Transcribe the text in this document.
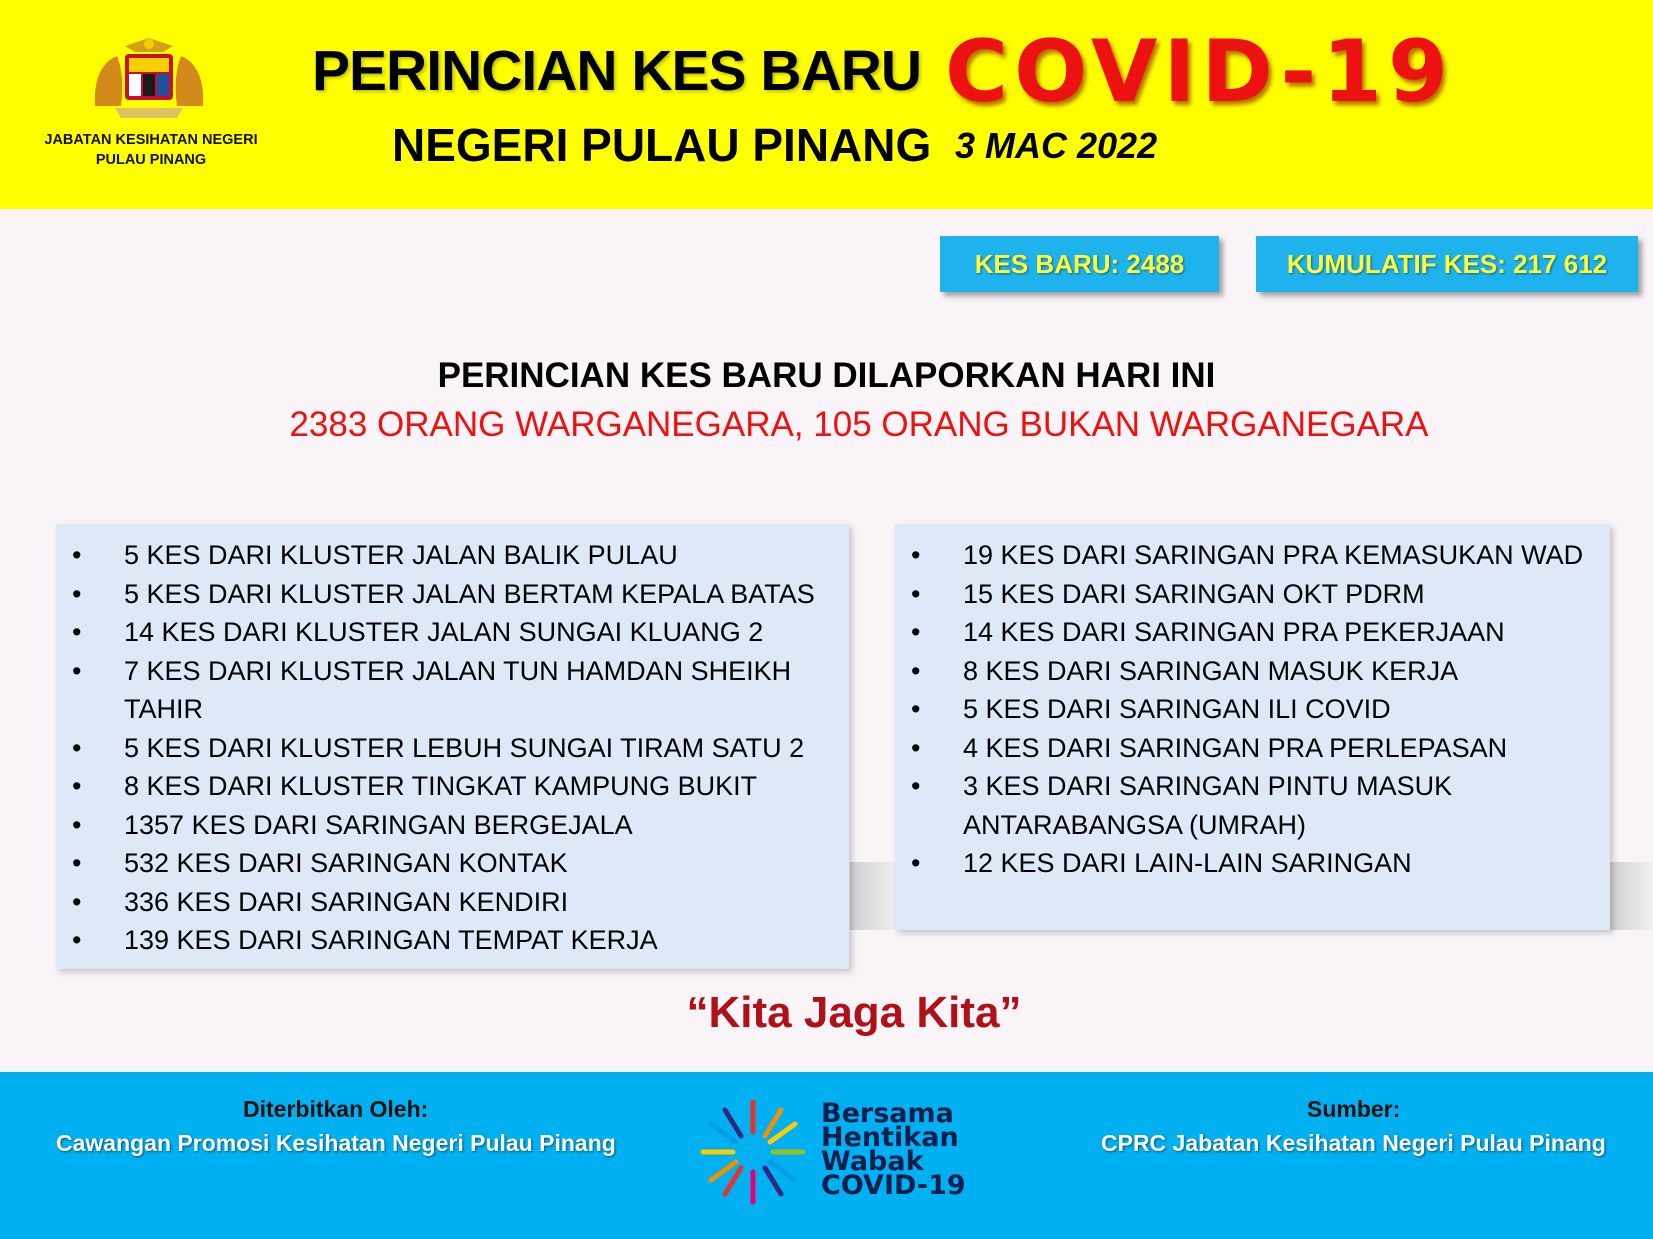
JABATAN KESIHATAN NEGERI PULAU PINANG
PERINCIAN KES BARU COVID-19
NEGERI PULAU PINANG 3 MAC 2022
KES BARU: 2488	KUMULATIF KES: 217 612
PERINCIAN KES BARU DILAPORKAN HARI INI
2383 ORANG WARGANEGARA, 105 ORANG BUKAN WARGANEGARA
• 5 KES DARI KLUSTER JALAN BALIK PULAU
• 5 KES DARI KLUSTER JALAN BERTAM KEPALA BATAS
• 14 KES DARI KLUSTER JALAN SUNGAI KLUANG 2
• 7 KES DARI KLUSTER JALAN TUN HAMDAN SHEIKH TAHIR
• 5 KES DARI KLUSTER LEBUH SUNGAI TIRAM SATU 2
• 8 KES DARI KLUSTER TINGKAT KAMPUNG BUKIT
• 1357 KES DARI SARINGAN BERGEJALA
• 532 KES DARI SARINGAN KONTAK
• 336 KES DARI SARINGAN KENDIRI
• 139 KES DARI SARINGAN TEMPAT KERJA
• 19 KES DARI SARINGAN PRA KEMASUKAN WAD
• 15 KES DARI SARINGAN OKT PDRM
• 14 KES DARI SARINGAN PRA PEKERJAAN
• 8 KES DARI SARINGAN MASUK KERJA
• 5 KES DARI SARINGAN ILI COVID
• 4 KES DARI SARINGAN PRA PERLEPASAN
• 3 KES DARI SARINGAN PINTU MASUK ANTARABANGSA (UMRAH)
• 12 KES DARI LAIN-LAIN SARINGAN
“Kita Jaga Kita”
Diterbitkan Oleh:
Cawangan Promosi Kesihatan Negeri Pulau Pinang
Sumber:
CPRC Jabatan Kesihatan Negeri Pulau Pinang
Bersama
Hentikan
Wabak
COVID-19
